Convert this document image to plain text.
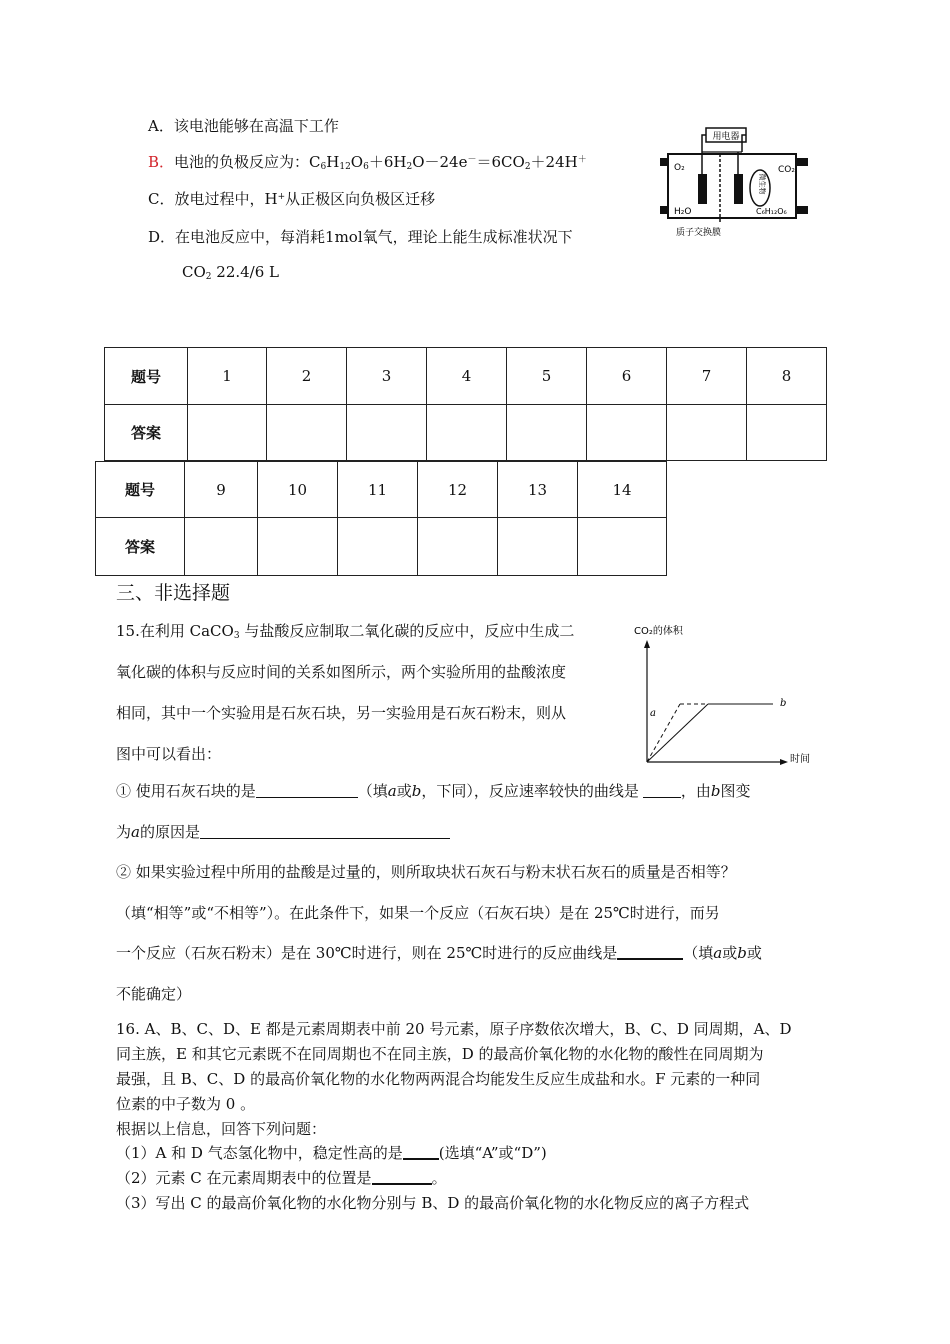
A．该电池能够在高温下工作
B．电池的负极反应为：$C_6H_{12}O_6+6H_2O-24e^-=6CO_2+24H^+$
C．放电过程中，H+从正极区向负极区迁移
D．在电池反应中，每消耗1mol氧气，理论上能生成标准状况下
$CO_2$ 22.4/6 L
用电器
微生物
O₂	CO₂
H₂O	C₆H₁₂O₆
质子交换膜
题号	1	2	3	4	5	6	7	8
答案								
题号	9	10	11	12	13	14
答案						
三、非选择题
15.在利用 CaCO$_3$ 与盐酸反应制取二氧化碳的反应中，反应中生成二
氧化碳的体积与反应时间的关系如图所示，两个实验所用的盐酸浓度
相同，其中一个实验用是石灰石块，另一实验用是石灰石粉末，则从
图中可以看出：
CO₂的体积
时间
a
b
① 使用石灰石块的是	（填a或b，下同），反应速率较快的曲线是	，由b图变
为a的原因是
② 如果实验过程中所用的盐酸是过量的，则所取块状石灰石与粉末状石灰石的质量是否相等？
（填“相等”或“不相等”）。在此条件下，如果一个反应（石灰石块）是在 25℃时进行，而另
一个反应（石灰石粉末）是在 30℃时进行，则在 25℃时进行的反应曲线是	（填a或b或
不能确定）
16. A、B、C、D、E 都是元素周期表中前 20 号元素，原子序数依次增大，B、C、D 同周期，A、D
同主族，E 和其它元素既不在同周期也不在同主族，D 的最高价氧化物的水化物的酸性在同周期为
最强，且 B、C、D 的最高价氧化物的水化物两两混合均能发生反应生成盐和水。F 元素的一种同
位素的中子数为 0 。
根据以上信息，回答下列问题：
（1）A 和 D 气态氢化物中，稳定性高的是 (选填“A”或“D”)
（2）元素 C 在元素周期表中的位置是	。
（3）写出 C 的最高价氧化物的水化物分别与 B、D 的最高价氧化物的水化物反应的离子方程式
